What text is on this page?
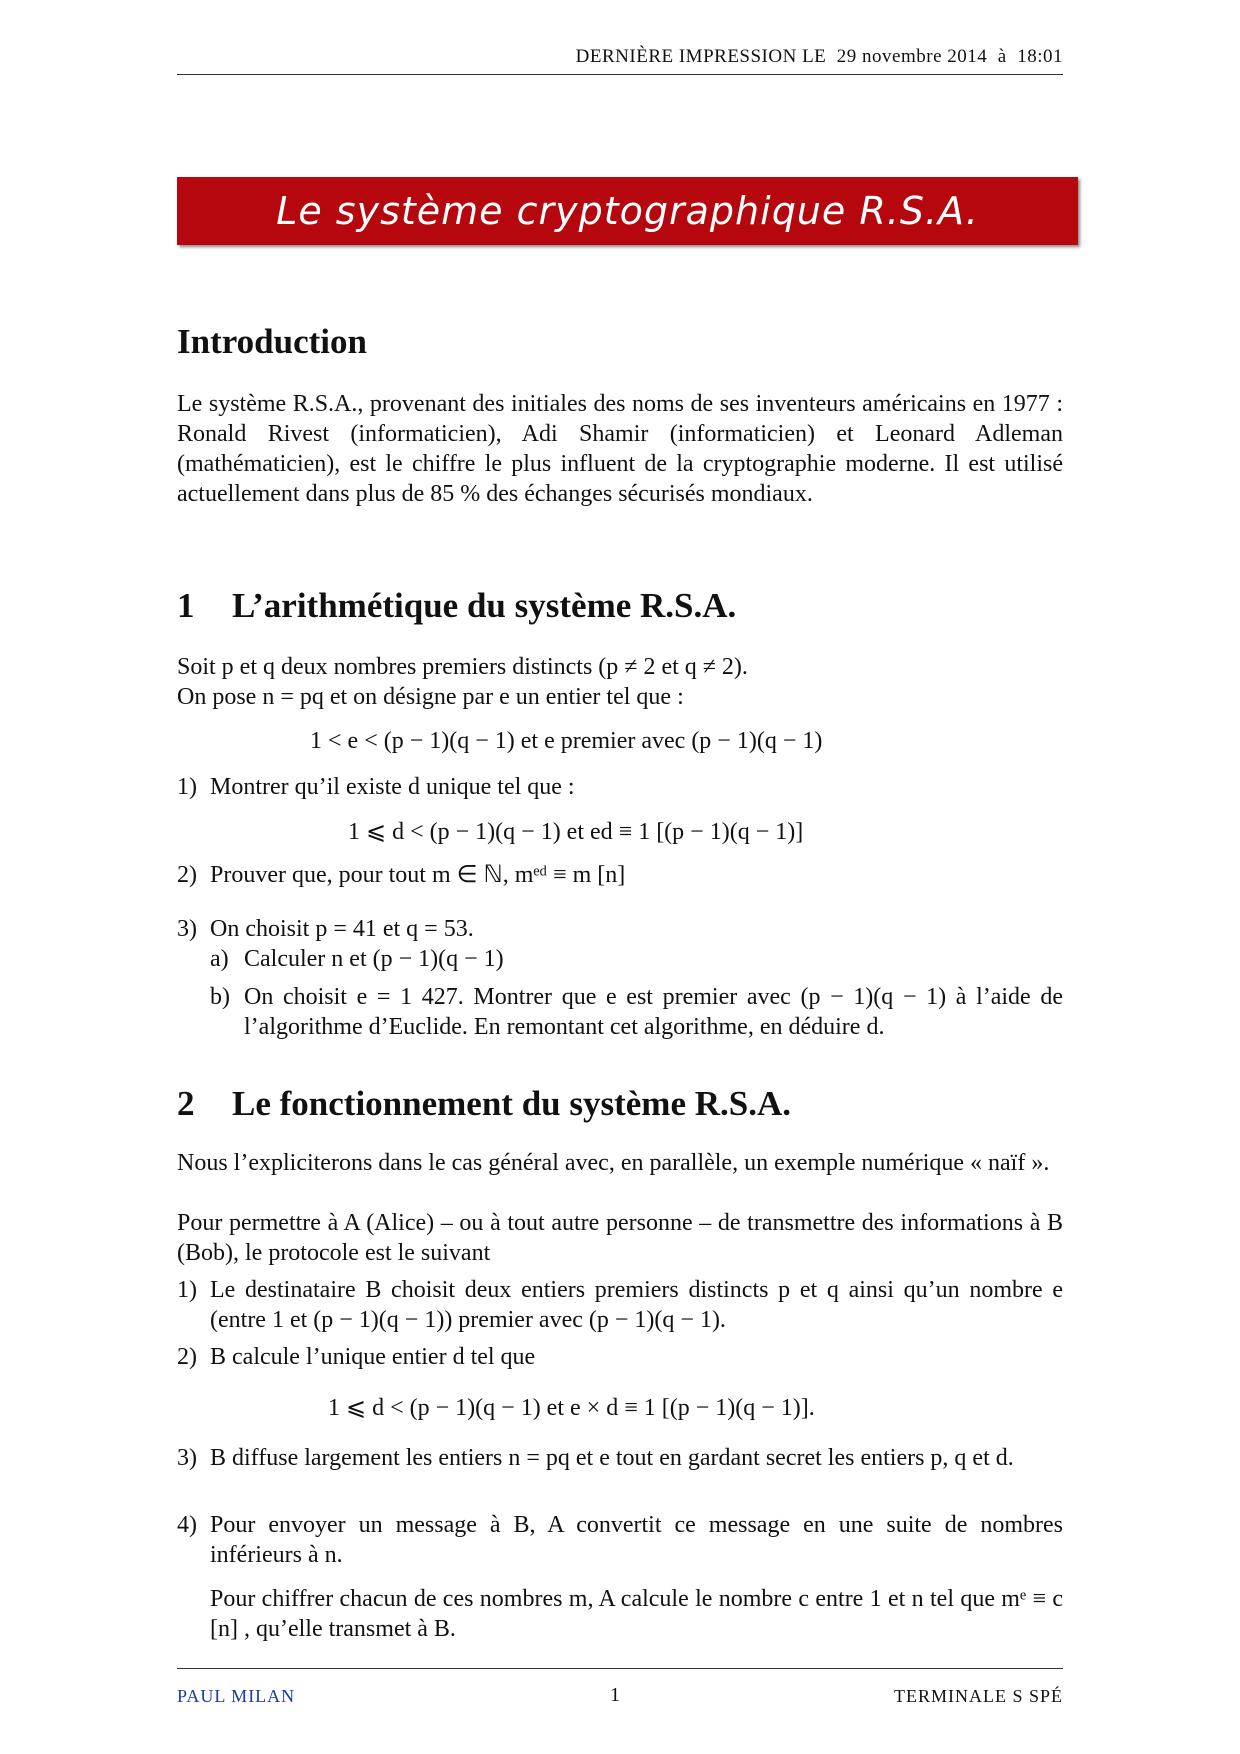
DERNIÈRE IMPRESSION LE 29 novembre 2014 à 18:01
Le système cryptographique R.S.A.
Introduction
Le système R.S.A., provenant des initiales des noms de ses inventeurs américains en 1977 : Ronald Rivest (informaticien), Adi Shamir (informaticien) et Leonard Adleman (mathématicien), est le chiffre le plus influent de la cryptographie moderne. Il est utilisé actuellement dans plus de 85 % des échanges sécurisés mondiaux.
1 L’arithmétique du système R.S.A.
Soit p et q deux nombres premiers distincts (p ≠ 2 et q ≠ 2).
On pose n = pq et on désigne par e un entier tel que :
1 < e < (p − 1)(q − 1) et e premier avec (p − 1)(q − 1)
1) Montrer qu’il existe d unique tel que :
1 ⩽ d < (p − 1)(q − 1) et ed ≡ 1 [(p − 1)(q − 1)]
2) Prouver que, pour tout m ∈ ℕ, mᵉᵈ ≡ m [n]
3) On choisit p = 41 et q = 53.
a) Calculer n et (p − 1)(q − 1)
b) On choisit e = 1 427. Montrer que e est premier avec (p − 1)(q − 1) à l’aide de l’algorithme d’Euclide. En remontant cet algorithme, en déduire d.
2 Le fonctionnement du système R.S.A.
Nous l’expliciterons dans le cas général avec, en parallèle, un exemple numérique « naïf ».
Pour permettre à A (Alice) – ou à tout autre personne – de transmettre des informations à B (Bob), le protocole est le suivant
1) Le destinataire B choisit deux entiers premiers distincts p et q ainsi qu’un nombre e (entre 1 et (p − 1)(q − 1)) premier avec (p − 1)(q − 1).
2) B calcule l’unique entier d tel que
1 ⩽ d < (p − 1)(q − 1) et e × d ≡ 1 [(p − 1)(q − 1)].
3) B diffuse largement les entiers n = pq et e tout en gardant secret les entiers p, q et d.
4) Pour envoyer un message à B, A convertit ce message en une suite de nombres inférieurs à n.
Pour chiffrer chacun de ces nombres m, A calcule le nombre c entre 1 et n tel que mᵉ ≡ c [n] , qu’elle transmet à B.
PAUL MILAN	1	TERMINALE S SPÉ
